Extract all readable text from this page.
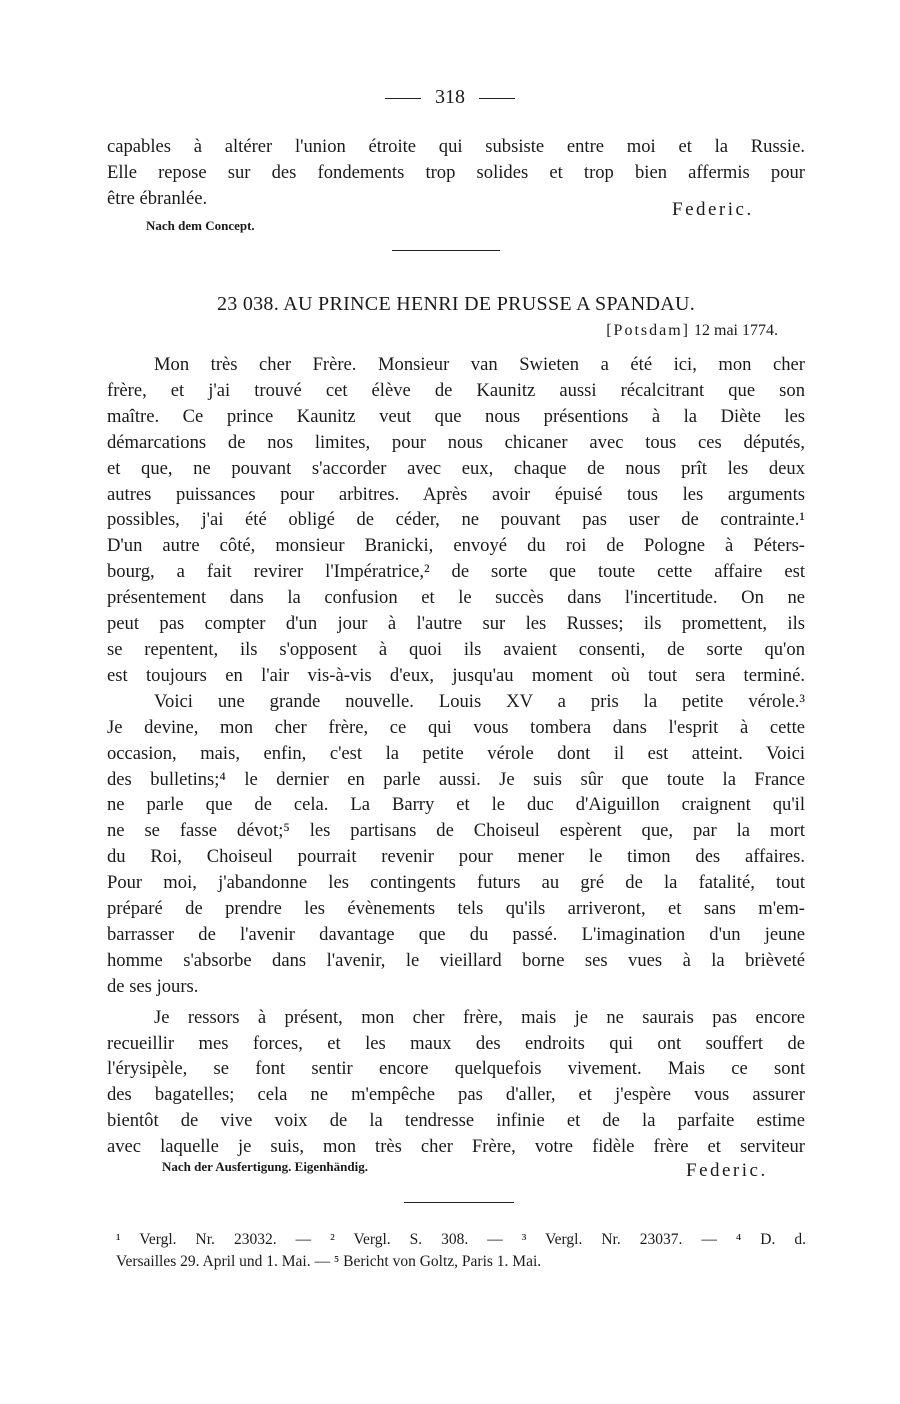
318

capables à altérer l'union étroite qui subsiste entre moi et la Russie.

Elle repose sur des fondements trop solides et trop bien affermis pour

être ébranlée.

Federic.
Nach dem Concept.
23 038. AU PRINCE HENRI DE PRUSSE A SPANDAU.
[Potsdam] 12 mai 1774.

Mon très cher Frère. Monsieur van Swieten a été ici, mon cher

frère, et j'ai trouvé cet élève de Kaunitz aussi récalcitrant que son

maître. Ce prince Kaunitz veut que nous présentions à la Diète les

démarcations de nos limites, pour nous chicaner avec tous ces députés,

et que, ne pouvant s'accorder avec eux, chaque de nous prît les deux

autres puissances pour arbitres. Après avoir épuisé tous les arguments

possibles, j'ai été obligé de céder, ne pouvant pas user de contrainte.¹

D'un autre côté, monsieur Branicki, envoyé du roi de Pologne à Péters-

bourg, a fait revirer l'Impératrice,² de sorte que toute cette affaire est

présentement dans la confusion et le succès dans l'incertitude. On ne

peut pas compter d'un jour à l'autre sur les Russes; ils promettent, ils

se repentent, ils s'opposent à quoi ils avaient consenti, de sorte qu'on

est toujours en l'air vis-à-vis d'eux, jusqu'au moment où tout sera terminé.

Voici une grande nouvelle. Louis XV a pris la petite vérole.³

Je devine, mon cher frère, ce qui vous tombera dans l'esprit à cette

occasion, mais, enfin, c'est la petite vérole dont il est atteint. Voici

des bulletins;⁴ le dernier en parle aussi. Je suis sûr que toute la France

ne parle que de cela. La Barry et le duc d'Aiguillon craignent qu'il

ne se fasse dévot;⁵ les partisans de Choiseul espèrent que, par la mort

du Roi, Choiseul pourrait revenir pour mener le timon des affaires.

Pour moi, j'abandonne les contingents futurs au gré de la fatalité, tout

préparé de prendre les évènements tels qu'ils arriveront, et sans m'em-

barrasser de l'avenir davantage que du passé. L'imagination d'un jeune

homme s'absorbe dans l'avenir, le vieillard borne ses vues à la brièveté

de ses jours.

Je ressors à présent, mon cher frère, mais je ne saurais pas encore

recueillir mes forces, et les maux des endroits qui ont souffert de

l'érysipèle, se font sentir encore quelquefois vivement. Mais ce sont

des bagatelles; cela ne m'empêche pas d'aller, et j'espère vous assurer

bientôt de vive voix de la tendresse infinie et de la parfaite estime

avec laquelle je suis, mon très cher Frère, votre fidèle frère et serviteur

Nach der Ausfertigung. Eigenhändig.	Federic.

¹ Vergl. Nr. 23032. — ² Vergl. S. 308. — ³ Vergl. Nr. 23037. — ⁴ D. d.

Versailles 29. April und 1. Mai. — ⁵ Bericht von Goltz, Paris 1. Mai.
